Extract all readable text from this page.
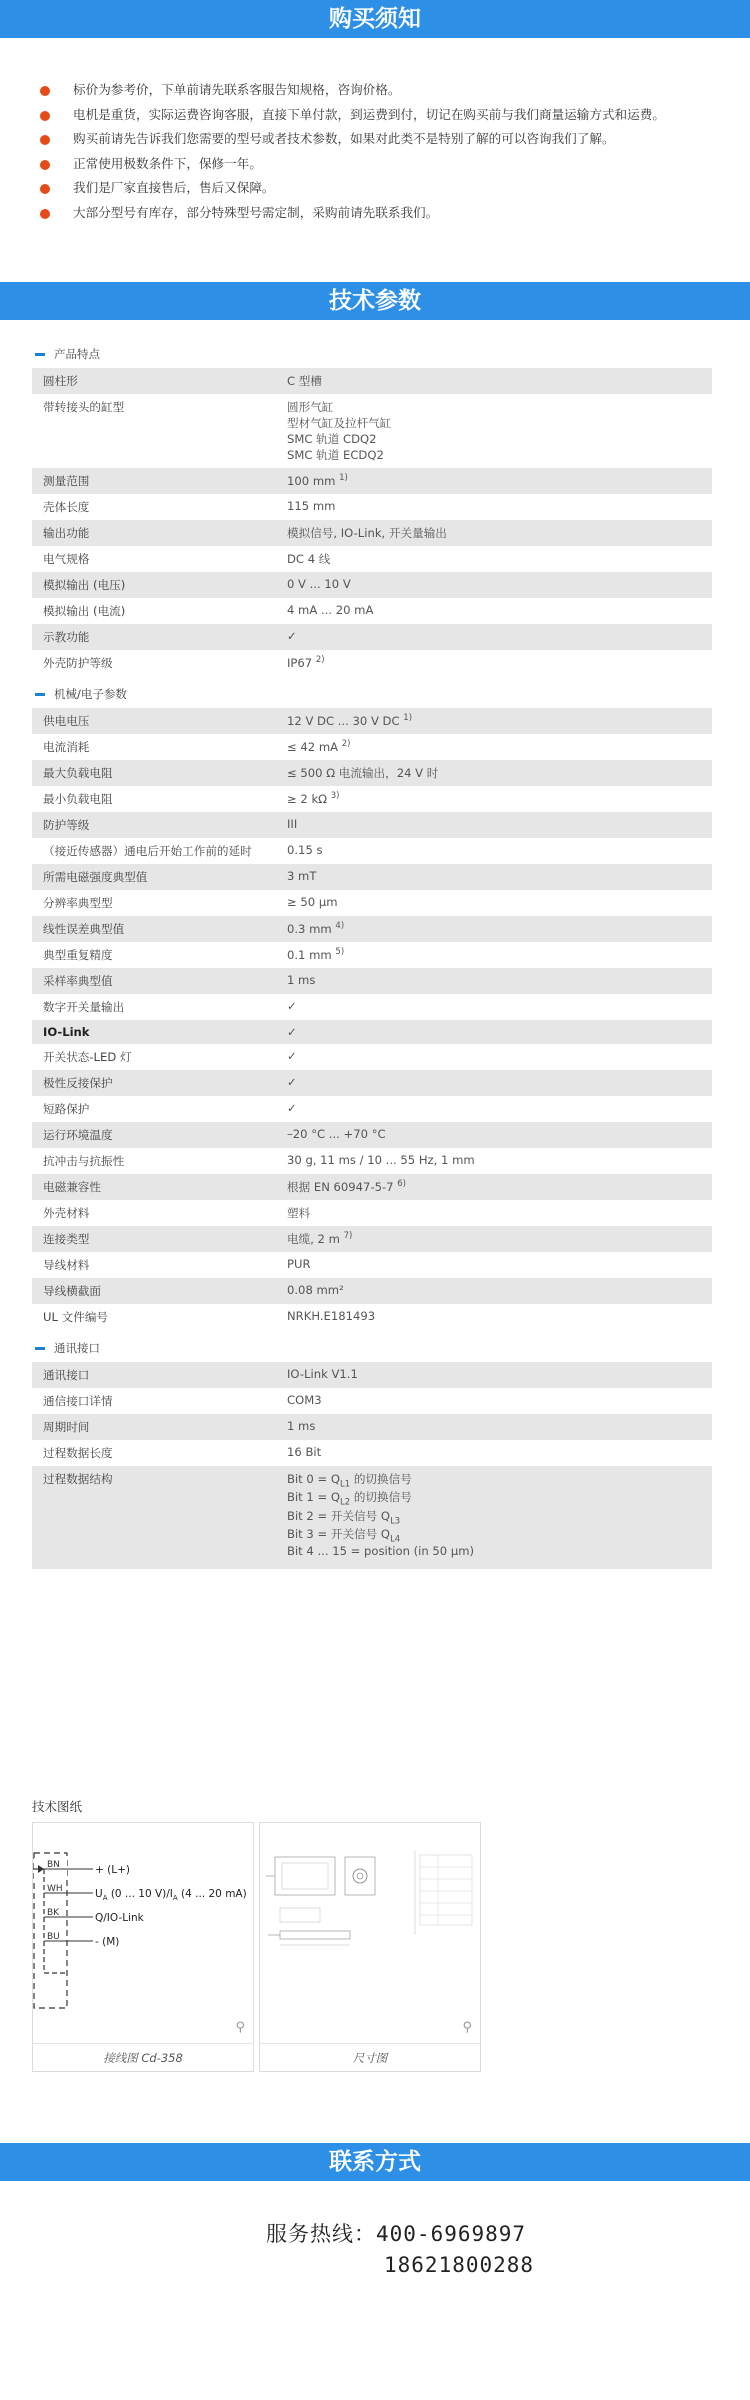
购买须知
标价为参考价，下单前请先联系客服告知规格，咨询价格。
电机是重货，实际运费咨询客服，直接下单付款，到运费到付，切记在购买前与我们商量运输方式和运费。
购买前请先告诉我们您需要的型号或者技术参数，如果对此类不是特别了解的可以咨询我们了解。
正常使用极数条件下，保修一年。
我们是厂家直接售后，售后又保障。
大部分型号有库存，部分特殊型号需定制，采购前请先联系我们。
技术参数
产品特点
圆柱形	C 型槽
带转接头的缸型	圆形气缸
型材气缸及拉杆气缸
SMC 轨道 CDQ2
SMC 轨道 ECDQ2
测量范围	100 mm $^{1)}$
壳体长度	115 mm
输出功能	模拟信号, IO-Link, 开关量输出
电气规格	DC 4 线
模拟输出 (电压)	0 V ... 10 V
模拟输出 (电流)	4 mA ... 20 mA
示教功能	✓
外壳防护等级	IP67 $^{2)}$
机械/电子参数
供电电压	12 V DC ... 30 V DC $^{1)}$
电流消耗	≤ 42 mA $^{2)}$
最大负载电阻	≤ 500 Ω 电流输出，24 V 时
最小负载电阻	≥ 2 kΩ $^{3)}$
防护等级	III
（接近传感器）通电后开始工作前的延时	0.15 s
所需电磁强度典型值	3 mT
分辨率典型型	≥ 50 µm
线性误差典型值	0.3 mm $^{4)}$
典型重复精度	0.1 mm $^{5)}$
采样率典型值	1 ms
数字开关量输出	✓
IO-Link	✓
开关状态-LED 灯	✓
极性反接保护	✓
短路保护	✓
运行环境温度	–20 °C ... +70 °C
抗冲击与抗振性	30 g, 11 ms / 10 ... 55 Hz, 1 mm
电磁兼容性	根据 EN 60947-5-7 $^{6)}$
外壳材料	塑料
连接类型	电缆, 2 m $^{7)}$
导线材料	PUR
导线横截面	0.08 mm²
UL 文件编号	NRKH.E181493
通讯接口
通讯接口	IO-Link V1.1
通信接口详情	COM3
周期时间	1 ms
过程数据长度	16 Bit
过程数据结构	Bit $0 = Q_{L1}$ 的切换信号
Bit $1 = Q_{L2}$ 的切换信号
Bit 2 = 开关信号 $Q_{L3}$
Bit 3 = 开关信号 $Q_{L4}$
Bit 4 ... 15 = position (in 50 µm)
技术图纸
BN
WH
BK
BU
+ (L+)
$U_A$ (0 ... 10 $V)/I_A$ (4 ... 20 mA)
Q/IO-Link
- (M)
⚲
接线图 Cd-358
⚲
尺寸图
联系方式
服务热线：400-6969897
18621800288
